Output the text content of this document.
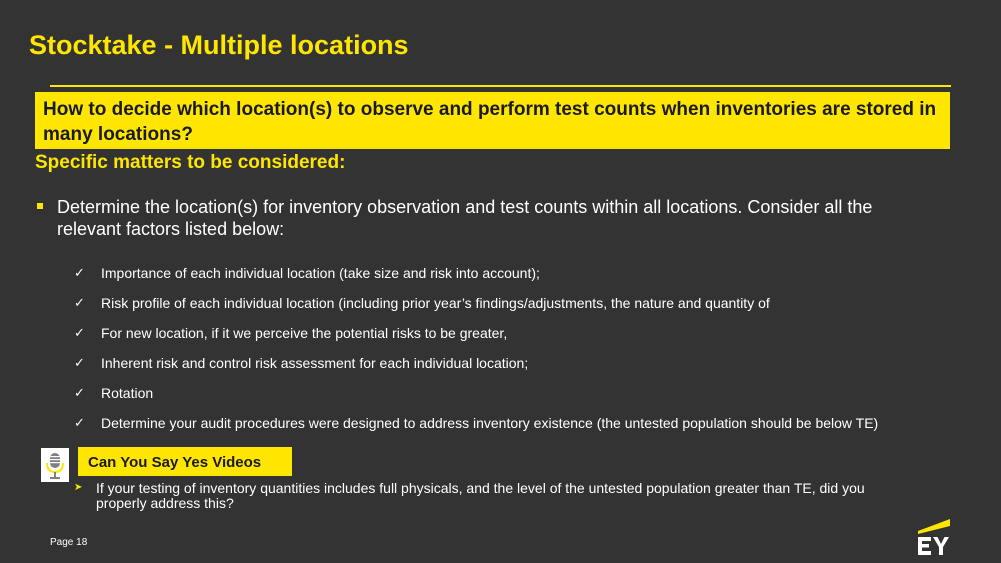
Stocktake - Multiple locations
How to decide which location(s) to observe and perform test counts when inventories are stored in many locations?
Specific matters to be considered:
Determine the location(s) for inventory observation and test counts within all locations. Consider all the relevant factors listed below:
✓ Importance of each individual location (take size and risk into account);
✓ Risk profile of each individual location (including prior year’s findings/adjustments, the nature and quantity of
✓ For new location, if it we perceive the potential risks to be greater,
✓ Inherent risk and control risk assessment for each individual location;
✓ Rotation
✓ Determine your audit procedures were designed to address inventory existence (the untested population should be below TE)
Can You Say Yes Videos
➤ If your testing of inventory quantities includes full physicals, and the level of the untested population greater than TE, did you properly address this?
Page 18
